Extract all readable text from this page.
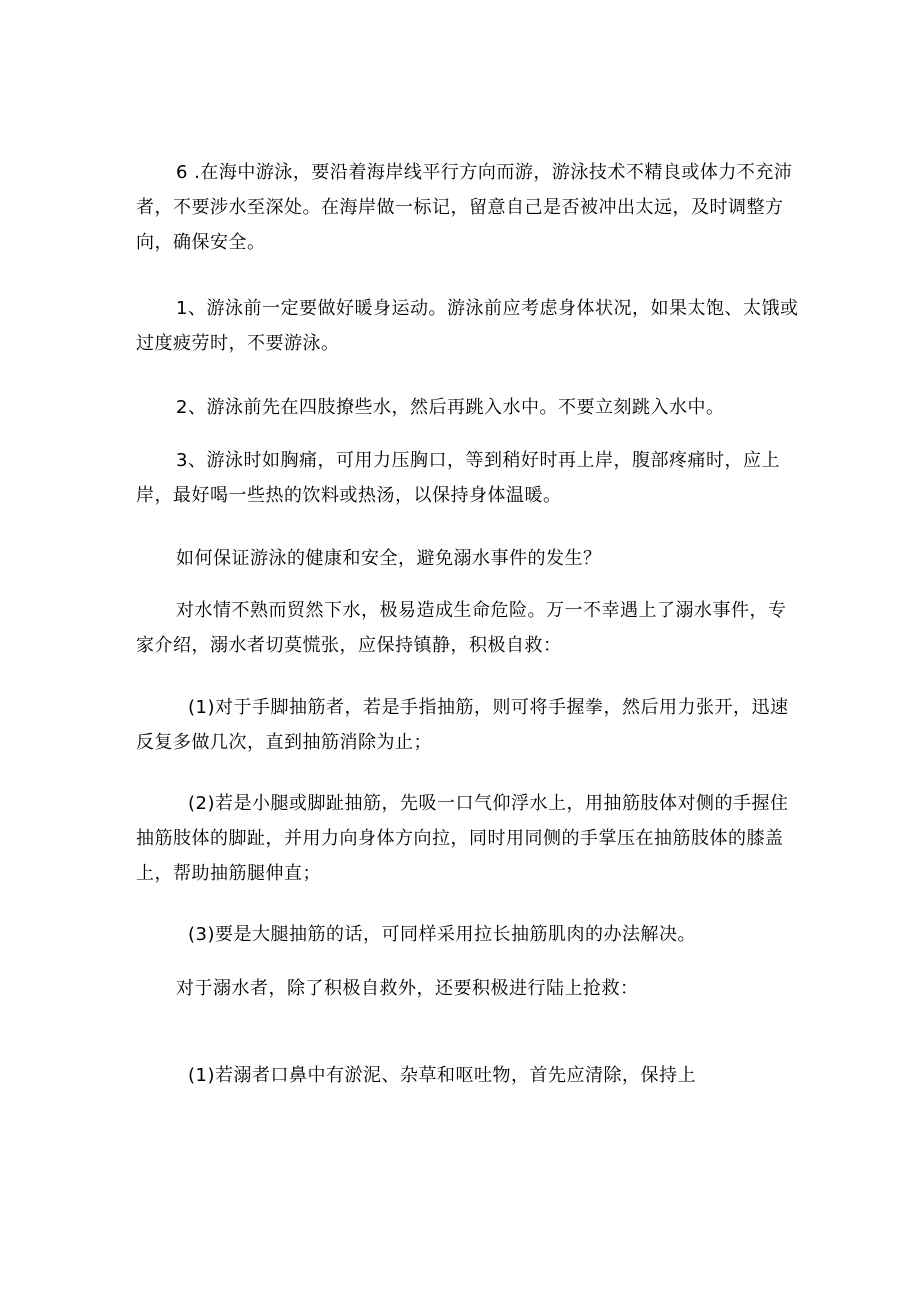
6 .在海中游泳，要沿着海岸线平行方向而游，游泳技术不精良或体力不充沛者，不要涉水至深处。在海岸做一标记，留意自己是否被冲出太远，及时调整方向，确保安全。

1、游泳前一定要做好暖身运动。游泳前应考虑身体状况，如果太饱、太饿或过度疲劳时，不要游泳。

2、游泳前先在四肢撩些水，然后再跳入水中。不要立刻跳入水中。

3、游泳时如胸痛，可用力压胸口，等到稍好时再上岸，腹部疼痛时，应上岸，最好喝一些热的饮料或热汤，以保持身体温暖。

如何保证游泳的健康和安全，避免溺水事件的发生？

对水情不熟而贸然下水，极易造成生命危险。万一不幸遇上了溺水事件，专家介绍，溺水者切莫慌张，应保持镇静，积极自救：

(1)对于手脚抽筋者，若是手指抽筋，则可将手握拳，然后用力张开，迅速反复多做几次，直到抽筋消除为止；

(2)若是小腿或脚趾抽筋，先吸一口气仰浮水上，用抽筋肢体对侧的手握住抽筋肢体的脚趾，并用力向身体方向拉，同时用同侧的手掌压在抽筋肢体的膝盖上，帮助抽筋腿伸直；

(3)要是大腿抽筋的话，可同样采用拉长抽筋肌肉的办法解决。

对于溺水者，除了积极自救外，还要积极进行陆上抢救：

(1)若溺者口鼻中有淤泥、杂草和呕吐物，首先应清除，保持上
